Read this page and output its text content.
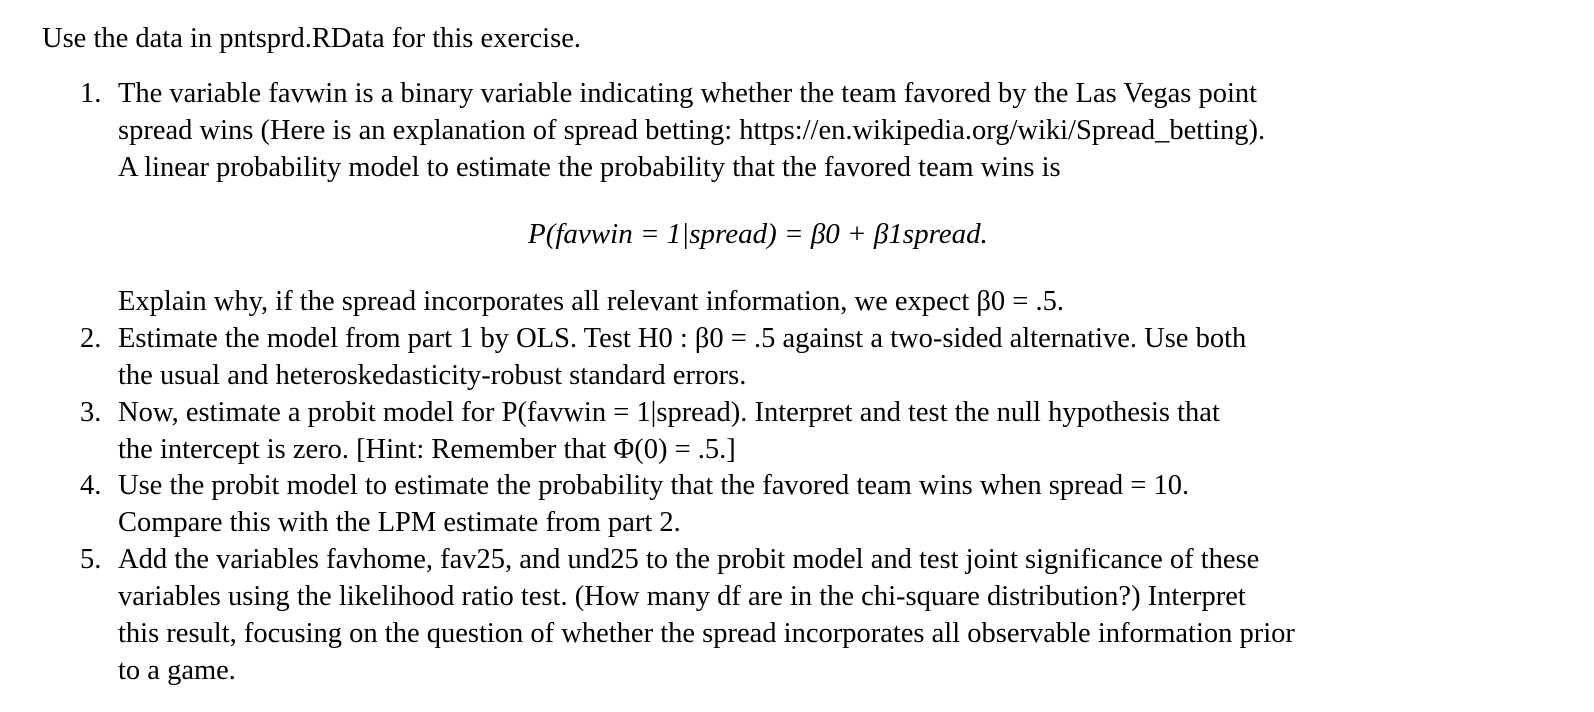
Use the data in pntsprd.RData for this exercise.
1. The variable favwin is a binary variable indicating whether the team favored by the Las Vegas point
spread wins (Here is an explanation of spread betting: https://en.wikipedia.org/wiki/Spread_betting).
A linear probability model to estimate the probability that the favored team wins is
P(favwin = 1|spread) = β0 + β1spread.
Explain why, if the spread incorporates all relevant information, we expect β0 = .5.
2. Estimate the model from part 1 by OLS. Test H0 : β0 = .5 against a two-sided alternative. Use both
the usual and heteroskedasticity-robust standard errors.
3. Now, estimate a probit model for P(favwin = 1|spread). Interpret and test the null hypothesis that
the intercept is zero. [Hint: Remember that Φ(0) = .5.]
4. Use the probit model to estimate the probability that the favored team wins when spread = 10.
Compare this with the LPM estimate from part 2.
5. Add the variables favhome, fav25, and und25 to the probit model and test joint significance of these
variables using the likelihood ratio test. (How many df are in the chi-square distribution?) Interpret
this result, focusing on the question of whether the spread incorporates all observable information prior
to a game.
